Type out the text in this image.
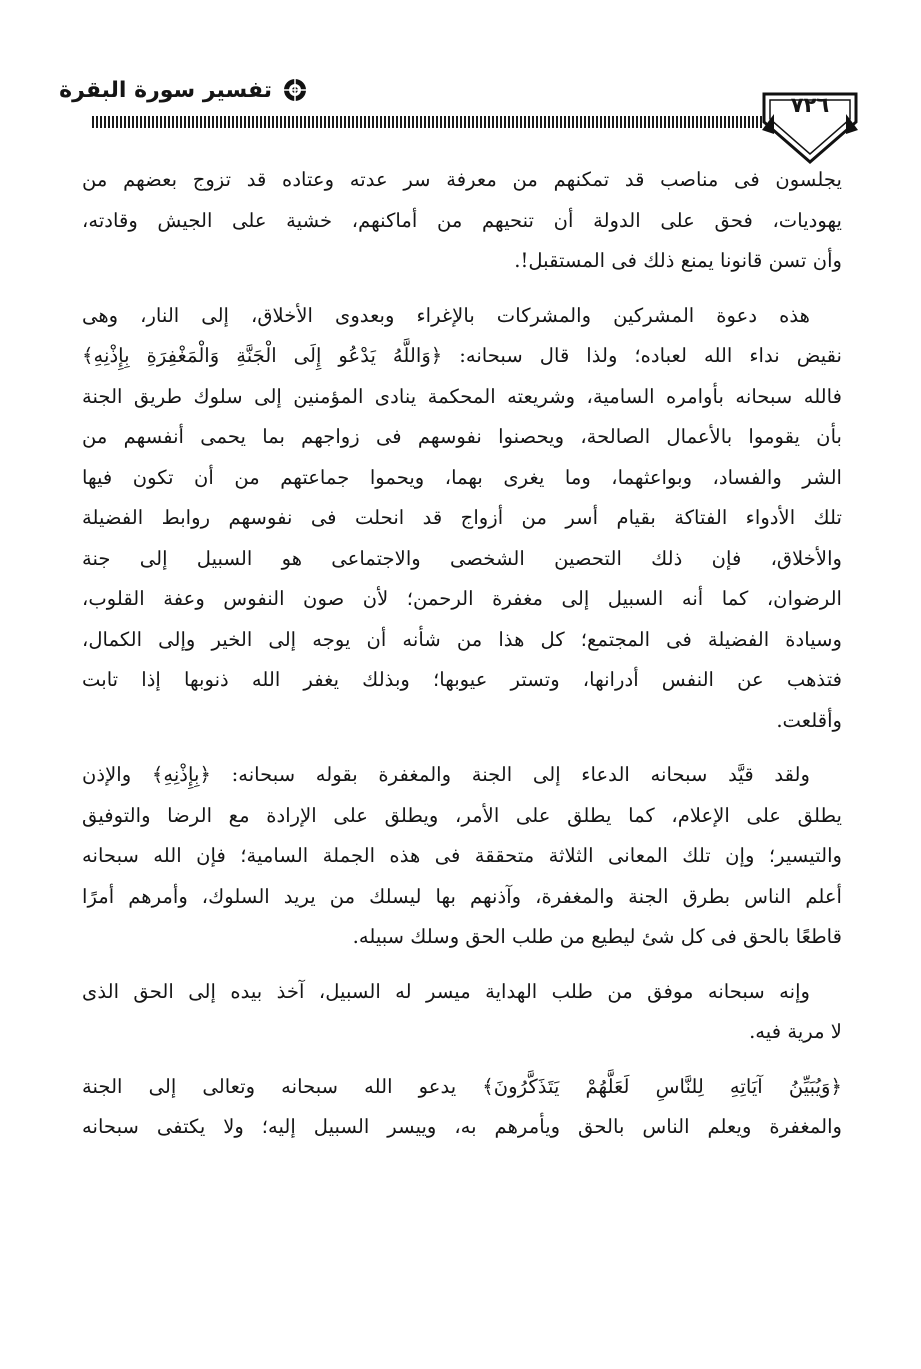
تفسير سورة البقرة
٧٢٦

يجلسون فى مناصب قد تمكنهم من معرفة سر عدته وعتاده قد تزوج بعضهم من
يهوديات، فحق على الدولة أن تنحيهم من أماكنهم، خشية على الجيش وقادته،
وأن تسن قانونا يمنع ذلك فى المستقبل!.

هذه دعوة المشركين والمشركات بالإغراء وبعدوى الأخلاق، إلى النار، وهى
نقيض نداء الله لعباده؛ ولذا قال سبحانه: ﴿وَاللَّهُ يَدْعُو إِلَى الْجَنَّةِ وَالْمَغْفِرَةِ بِإِذْنِهِ﴾
فالله سبحانه بأوامره السامية، وشريعته المحكمة ينادى المؤمنين إلى سلوك طريق الجنة
بأن يقوموا بالأعمال الصالحة، ويحصنوا نفوسهم فى زواجهم بما يحمى أنفسهم من
الشر والفساد، وبواعثهما، وما يغرى بهما، ويحموا جماعتهم من أن تكون فيها
تلك الأدواء الفتاكة بقيام أسر من أزواج قد انحلت فى نفوسهم روابط الفضيلة
والأخلاق، فإن ذلك التحصين الشخصى والاجتماعى هو السبيل إلى جنة
الرضوان، كما أنه السبيل إلى مغفرة الرحمن؛ لأن صون النفوس وعفة القلوب،
وسيادة الفضيلة فى المجتمع؛ كل هذا من شأنه أن يوجه إلى الخير وإلى الكمال،
فتذهب عن النفس أدرانها، وتستر عيوبها؛ وبذلك يغفر الله ذنوبها إذا تابت
وأقلعت.

ولقد قيَّد سبحانه الدعاء إلى الجنة والمغفرة بقوله سبحانه: ﴿بِإِذْنِهِ﴾ والإذن
يطلق على الإعلام، كما يطلق على الأمر، ويطلق على الإرادة مع الرضا والتوفيق
والتيسير؛ وإن تلك المعانى الثلاثة متحققة فى هذه الجملة السامية؛ فإن الله سبحانه
أعلم الناس بطرق الجنة والمغفرة، وآذنهم بها ليسلك من يريد السلوك، وأمرهم أمرًا
قاطعًا بالحق فى كل شئ ليطيع من طلب الحق وسلك سبيله.

وإنه سبحانه موفق من طلب الهداية ميسر له السبيل، آخذ بيده إلى الحق الذى
لا مرية فيه.

﴿وَيُبَيِّنُ آيَاتِهِ لِلنَّاسِ لَعَلَّهُمْ يَتَذَكَّرُونَ﴾ يدعو الله سبحانه وتعالى إلى الجنة
والمغفرة ويعلم الناس بالحق ويأمرهم به، وييسر السبيل إليه؛ ولا يكتفى سبحانه
